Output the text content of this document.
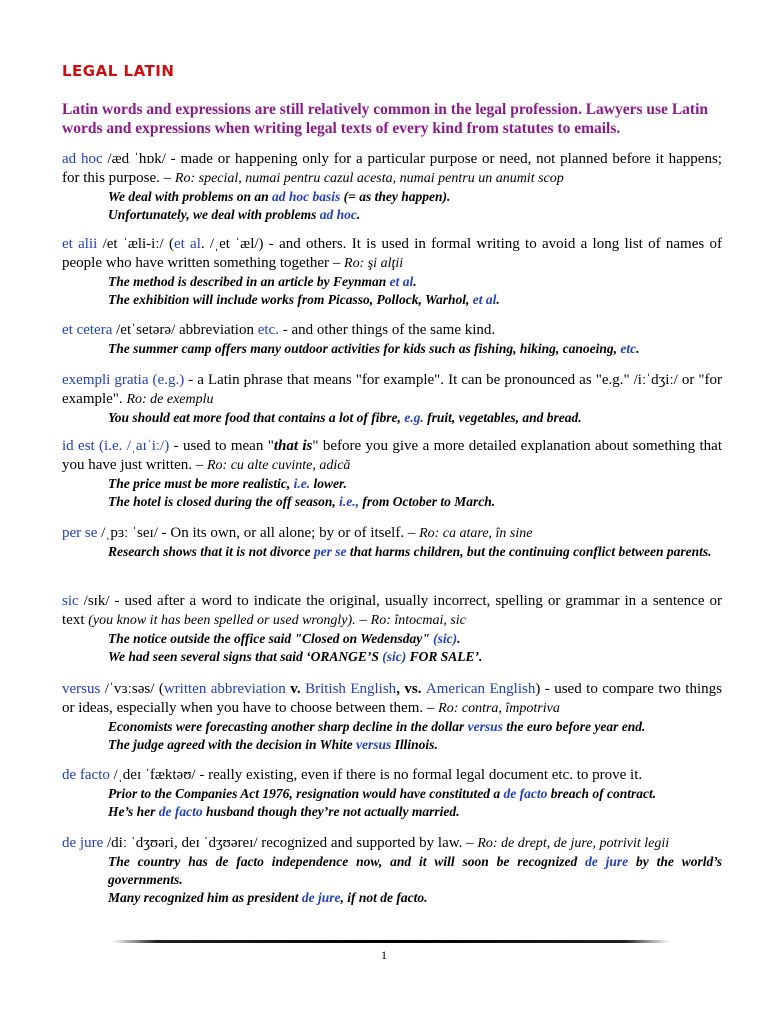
LEGAL LATIN
Latin words and expressions are still relatively common in the legal profession. Lawyers use Latin words and expressions when writing legal texts of every kind from statutes to emails.
ad hoc /æd ˈhɒk/ - made or happening only for a particular purpose or need, not planned before it happens; for this purpose. – Ro: special, numai pentru cazul acesta, numai pentru un anumit scop
We deal with problems on an ad hoc basis (= as they happen).
Unfortunately, we deal with problems ad hoc.
et alii /et ˈæli-iː/ (et al. /ˌet ˈæl/) - and others. It is used in formal writing to avoid a long list of names of people who have written something together – Ro: şi alţii
The method is described in an article by Feynman et al.
The exhibition will include works from Picasso, Pollock, Warhol, et al.
et cetera /etˈsetərə/ abbreviation etc. - and other things of the same kind.
The summer camp offers many outdoor activities for kids such as fishing, hiking, canoeing, etc.
exempli gratia (e.g.) - a Latin phrase that means "for example". It can be pronounced as "e.g." /iːˈdʒiː/ or "for example". Ro: de exemplu
You should eat more food that contains a lot of fibre, e.g. fruit, vegetables, and bread.
id est (i.e. /ˌaɪˈiː/) - used to mean "that is" before you give a more detailed explanation about something that you have just written. – Ro: cu alte cuvinte, adică
The price must be more realistic, i.e. lower.
The hotel is closed during the off season, i.e., from October to March.
per se /ˌpɜː ˈseɪ/ - On its own, or all alone; by or of itself. – Ro: ca atare, în sine
Research shows that it is not divorce per se that harms children, but the continuing conflict between parents.
sic /sɪk/ - used after a word to indicate the original, usually incorrect, spelling or grammar in a sentence or text (you know it has been spelled or used wrongly). – Ro: întocmai, sic
The notice outside the office said "Closed on Wedensday" (sic).
We had seen several signs that said ‘ORANGE’S (sic) FOR SALE’.
versus /ˈvɜːsəs/ (written abbreviation v. British English, vs. American English) - used to compare two things or ideas, especially when you have to choose between them. – Ro: contra, împotriva
Economists were forecasting another sharp decline in the dollar versus the euro before year end.
The judge agreed with the decision in White versus Illinois.
de facto /ˌdeɪ ˈfæktəʊ/ - really existing, even if there is no formal legal document etc. to prove it.
Prior to the Companies Act 1976, resignation would have constituted a de facto breach of contract.
He’s her de facto husband though they’re not actually married.
de jure /diː ˈdʒʊəri, deɪ ˈdʒʊəreɪ/ recognized and supported by law. – Ro: de drept, de jure, potrivit legii
The country has de facto independence now, and it will soon be recognized de jure by the world’s governments.
Many recognized him as president de jure, if not de facto.
1
